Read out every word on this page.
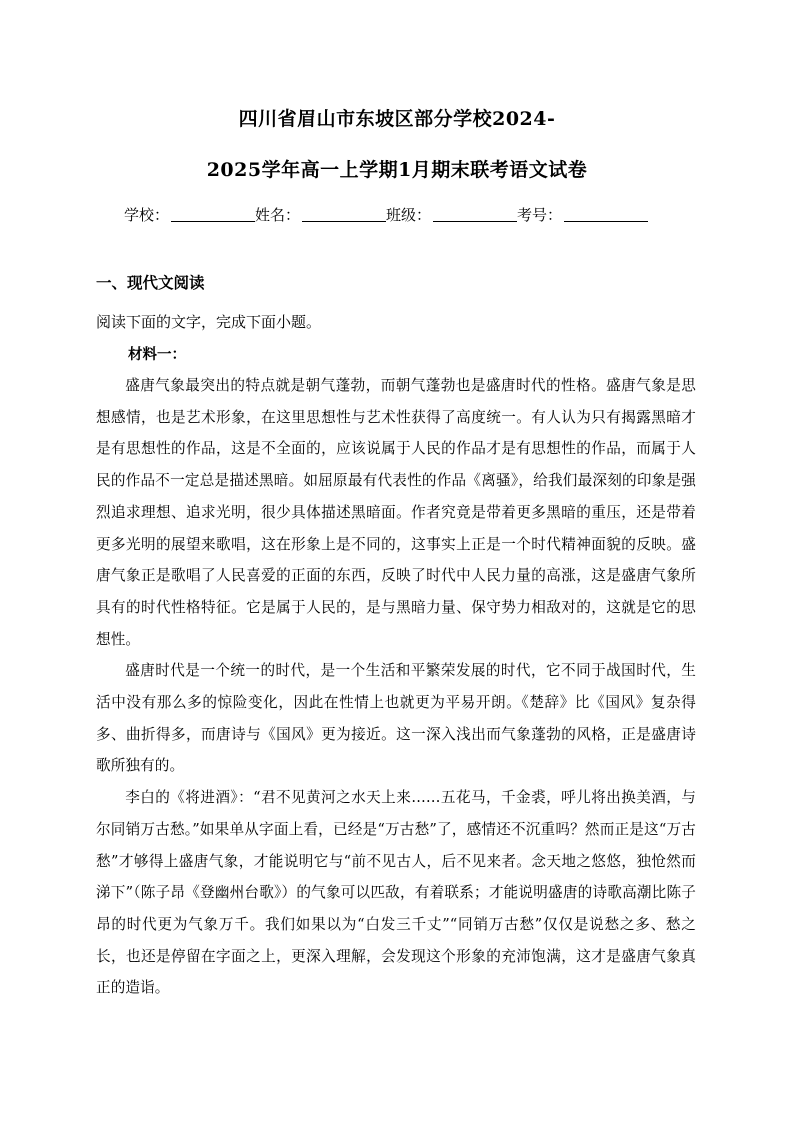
四川省眉山市东坡区部分学校2024-
2025学年高一上学期1月期末联考语文试卷
学校：	姓名：	班级：	考号：
一、现代文阅读
阅读下面的文字，完成下面小题。
材料一：

盛唐气象最突出的特点就是朝气蓬勃，而朝气蓬勃也是盛唐时代的性格。盛唐气象是思想感情，也是艺术形象，在这里思想性与艺术性获得了高度统一。有人认为只有揭露黑暗才是有思想性的作品，这是不全面的，应该说属于人民的作品才是有思想性的作品，而属于人民的作品不一定总是描述黑暗。如屈原最有代表性的作品《离骚》，给我们最深刻的印象是强烈追求理想、追求光明，很少具体描述黑暗面。作者究竟是带着更多黑暗的重压，还是带着更多光明的展望来歌唱，这在形象上是不同的，这事实上正是一个时代精神面貌的反映。盛唐气象正是歌唱了人民喜爱的正面的东西，反映了时代中人民力量的高涨，这是盛唐气象所具有的时代性格特征。它是属于人民的，是与黑暗力量、保守势力相敌对的，这就是它的思想性。

盛唐时代是一个统一的时代，是一个生活和平繁荣发展的时代，它不同于战国时代，生活中没有那么多的惊险变化，因此在性情上也就更为平易开朗。《楚辞》比《国风》复杂得多、曲折得多，而唐诗与《国风》更为接近。这一深入浅出而气象蓬勃的风格，正是盛唐诗歌所独有的。

李白的《将进酒》：“君不见黄河之水天上来……五花马，千金裘，呼儿将出换美酒，与尔同销万古愁。”如果单从字面上看，已经是“万古愁”了，感情还不沉重吗？然而正是这“万古愁”才够得上盛唐气象，才能说明它与“前不见古人，后不见来者。念天地之悠悠，独怆然而涕下”（陈子昂《登幽州台歌》）的气象可以匹敌，有着联系；才能说明盛唐的诗歌高潮比陈子昂的时代更为气象万千。我们如果以为“白发三千丈”“同销万古愁”仅仅是说愁之多、愁之长，也还是停留在字面之上，更深入理解，会发现这个形象的充沛饱满，这才是盛唐气象真正的造诣。
